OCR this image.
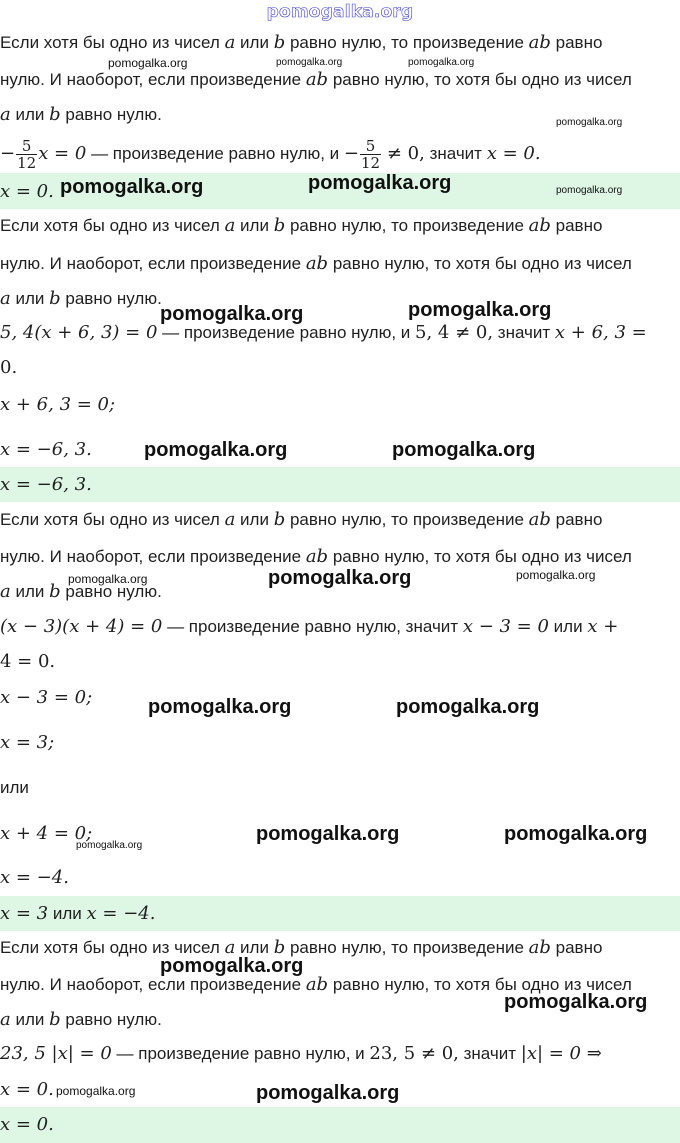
pomogalka.org
Если хотя бы одно из чисел a или b равно нулю, то произведение ab равно
нулю. И наоборот, если произведение ab равно нулю, то хотя бы одно из чисел
a или b равно нулю.
− $\frac{5}{12}$ x = 0 — произведение равно нулю, $и - \frac{5}{12} \ne 0$, значит x = 0.
x = 0.
Если хотя бы одно из чисел a или b равно нулю, то произведение ab равно
нулю. И наоборот, если произведение ab равно нулю, то хотя бы одно из чисел
a или b равно нулю.
5, 4(x + 6, 3) = 0 — произведение равно нулю, и 5, 4 ≠ 0, значит x + 6, 3 =
0.
x + 6, 3 = 0;
x = −6, 3.
x = −6, 3.
Если хотя бы одно из чисел a или b равно нулю, то произведение ab равно
нулю. И наоборот, если произведение ab равно нулю, то хотя бы одно из чисел
a или b равно нулю.
(x − 3)(x + 4) = 0 — произведение равно нулю, значит x − 3 = 0 или x +
4 = 0.
x − 3 = 0;
x = 3;
или
x + 4 = 0;
x = −4.
x = 3 или x = −4.
Если хотя бы одно из чисел a или b равно нулю, то произведение ab равно
нулю. И наоборот, если произведение ab равно нулю, то хотя бы одно из чисел
a или b равно нулю.
23, 5 |x| = 0 — произведение равно нулю, и 23, 5 ≠ 0, значит |x| = 0 ⇒
x = 0.
x = 0.
pomogalka.org	pomogalka.org	pomogalka.org
pomogalka.org
pomogalka.org	pomogalka.org	pomogalka.org
pomogalka.org	pomogalka.org
pomogalka.org	pomogalka.org
pomogalka.org	pomogalka.org	pomogalka.org
pomogalka.org	pomogalka.org
pomogalka.org	pomogalka.org
pomogalka.org
pomogalka.org
pomogalka.org
pomogalka.org	pomogalka.org
